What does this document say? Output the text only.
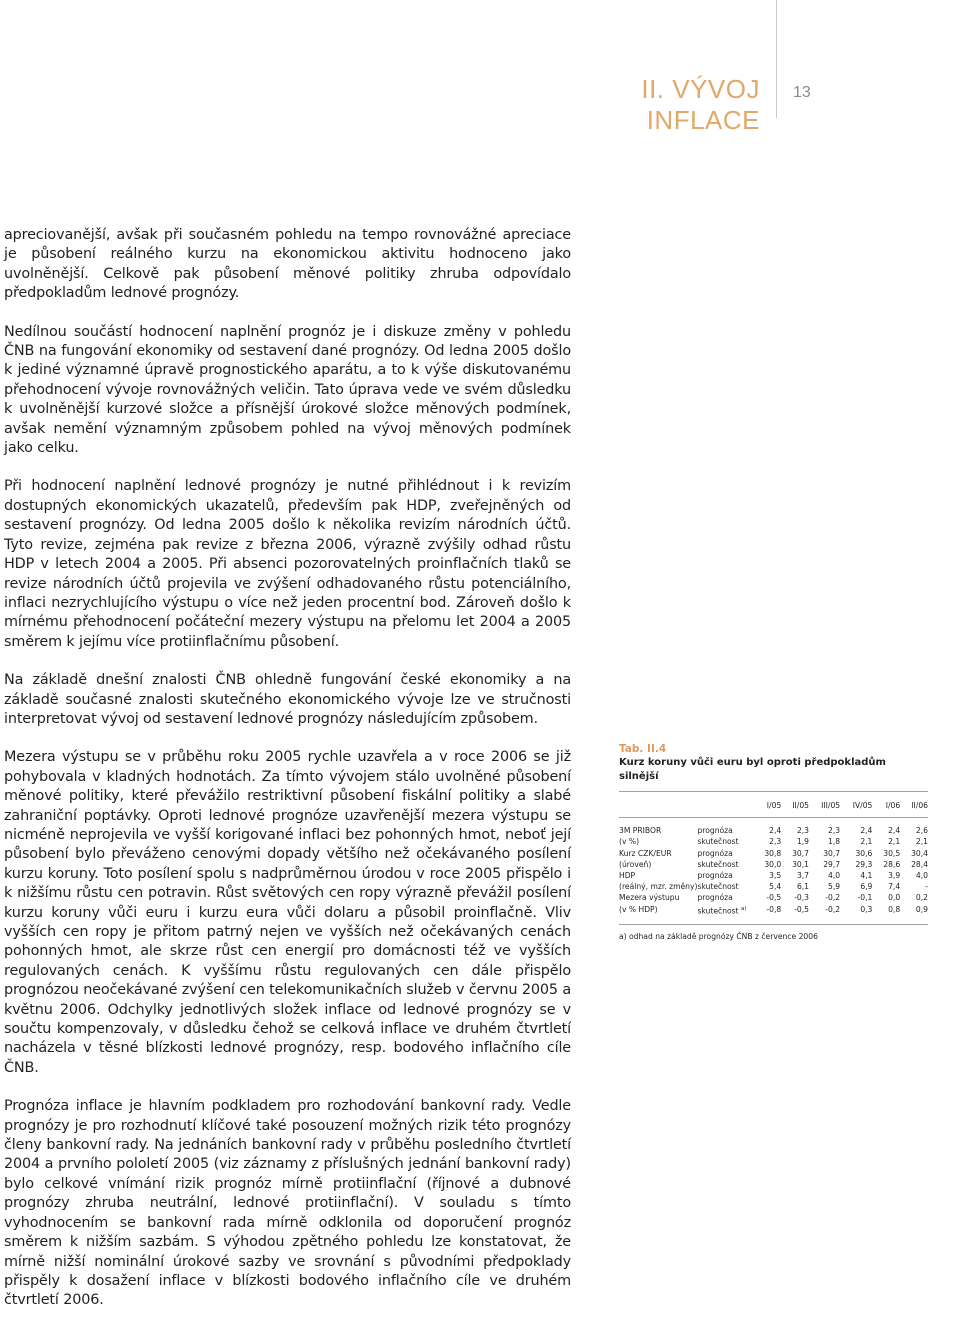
II. VÝVOJ INFLACE
13

apreciovanější, avšak při současném pohledu na tempo rovnovážné apreciace je působení reálného kurzu na ekonomickou aktivitu hodnoceno jako uvolněnější. Celkově pak působení měnové politiky zhruba odpovídalo předpokladům lednové prognózy.

Nedílnou součástí hodnocení naplnění prognóz je i diskuze změny v pohledu ČNB na fungování ekonomiky od sestavení dané prognózy. Od ledna 2005 došlo k jediné významné úpravě prognostického aparátu, a to k výše diskutovanému přehodnocení vývoje rovnovážných veličin. Tato úprava vede ve svém důsledku k uvolněnější kurzové složce a přísnější úrokové složce měnových podmínek, avšak nemění významným způsobem pohled na vývoj měnových podmínek jako celku.

Při hodnocení naplnění lednové prognózy je nutné přihlédnout i k revizím dostupných ekonomických ukazatelů, především pak HDP, zveřejněných od sestavení prognózy. Od ledna 2005 došlo k několika revizím národních účtů. Tyto revize, zejména pak revize z března 2006, výrazně zvýšily odhad růstu HDP v letech 2004 a 2005. Při absenci pozorovatelných proinflačních tlaků se revize národních účtů projevila ve zvýšení odhadovaného růstu potenciálního, inflaci nezrychlujícího výstupu o více než jeden procentní bod. Zároveň došlo k mírnému přehodnocení počáteční mezery výstupu na přelomu let 2004 a 2005 směrem k jejímu více protiinflačnímu působení.

Na základě dnešní znalosti ČNB ohledně fungování české ekonomiky a na základě současné znalosti skutečného ekonomického vývoje lze ve stručnosti interpretovat vývoj od sestavení lednové prognózy následujícím způsobem.

Mezera výstupu se v průběhu roku 2005 rychle uzavřela a v roce 2006 se již pohybovala v kladných hodnotách. Za tímto vývojem stálo uvolněné působení měnové politiky, které převážilo restriktivní působení fiskální politiky a slabé zahraniční poptávky. Oproti lednové prognóze uzavřenější mezera výstupu se nicméně neprojevila ve vyšší korigované inflaci bez pohonných hmot, neboť její působení bylo převáženo cenovými dopady většího než očekávaného posílení kurzu koruny. Toto posílení spolu s nadprůměrnou úrodou v roce 2005 přispělo i k nižšímu růstu cen potravin. Růst světových cen ropy výrazně převážil posílení kurzu koruny vůči euru i kurzu eura vůči dolaru a působil proinflačně. Vliv vyšších cen ropy je přitom patrný nejen ve vyšších než očekávaných cenách pohonných hmot, ale skrze růst cen energií pro domácnosti též ve vyšších regulovaných cenách. K vyššímu růstu regulovaných cen dále přispělo prognózou neočekávané zvýšení cen telekomunikačních služeb v červnu 2005 a květnu 2006. Odchylky jednotlivých složek inflace od lednové prognózy se v součtu kompenzovaly, v důsledku čehož se celková inflace ve druhém čtvrtletí nacházela v těsné blízkosti lednové prognózy, resp. bodového inflačního cíle ČNB.

Prognóza inflace je hlavním podkladem pro rozhodování bankovní rady. Vedle prognózy je pro rozhodnutí klíčové také posouzení možných rizik této prognózy členy bankovní rady. Na jednáních bankovní rady v průběhu posledního čtvrtletí 2004 a prvního pololetí 2005 (viz záznamy z příslušných jednání bankovní rady) bylo celkové vnímání rizik prognóz mírně protiinflační (říjnové a dubnové prognózy zhruba neutrální, lednové protiinflační). V souladu s tímto vyhodnocením se bankovní rada mírně odklonila od doporučení prognóz směrem k nižším sazbám. S výhodou zpětného pohledu lze konstatovat, že mírně nižší nominální úrokové sazby ve srovnání s původními předpoklady přispěly k dosažení inflace v blízkosti bodového inflačního cíle ve druhém čtvrtletí 2006.

Tab. II.4
Kurz koruny vůči euru byl oproti předpokladům silnější
		I/05	II/05	III/05	IV/05	I/06	II/06
3M PRIBOR	prognóza	2,4	2,3	2,3	2,4	2,4	2,6
(v %)	skutečnost	2,3	1,9	1,8	2,1	2,1	2,1
Kurz CZK/EUR	prognóza	30,8	30,7	30,7	30,6	30,5	30,4
(úroveň)	skutečnost	30,0	30,1	29,7	29,3	28,6	28,4
HDP	prognóza	3,5	3,7	4,0	4,1	3,9	4,0
(reálný, mzr. změny)	skutečnost	5,4	6,1	5,9	6,9	7,4	-
Mezera výstupu	prognóza	-0,5	-0,3	-0,2	-0,1	0,0	0,2
(v % HDP)	skutečnost $^{a)}$	-0,8	-0,5	-0,2	0,3	0,8	0,9
a) odhad na základě prognózy ČNB z července 2006
